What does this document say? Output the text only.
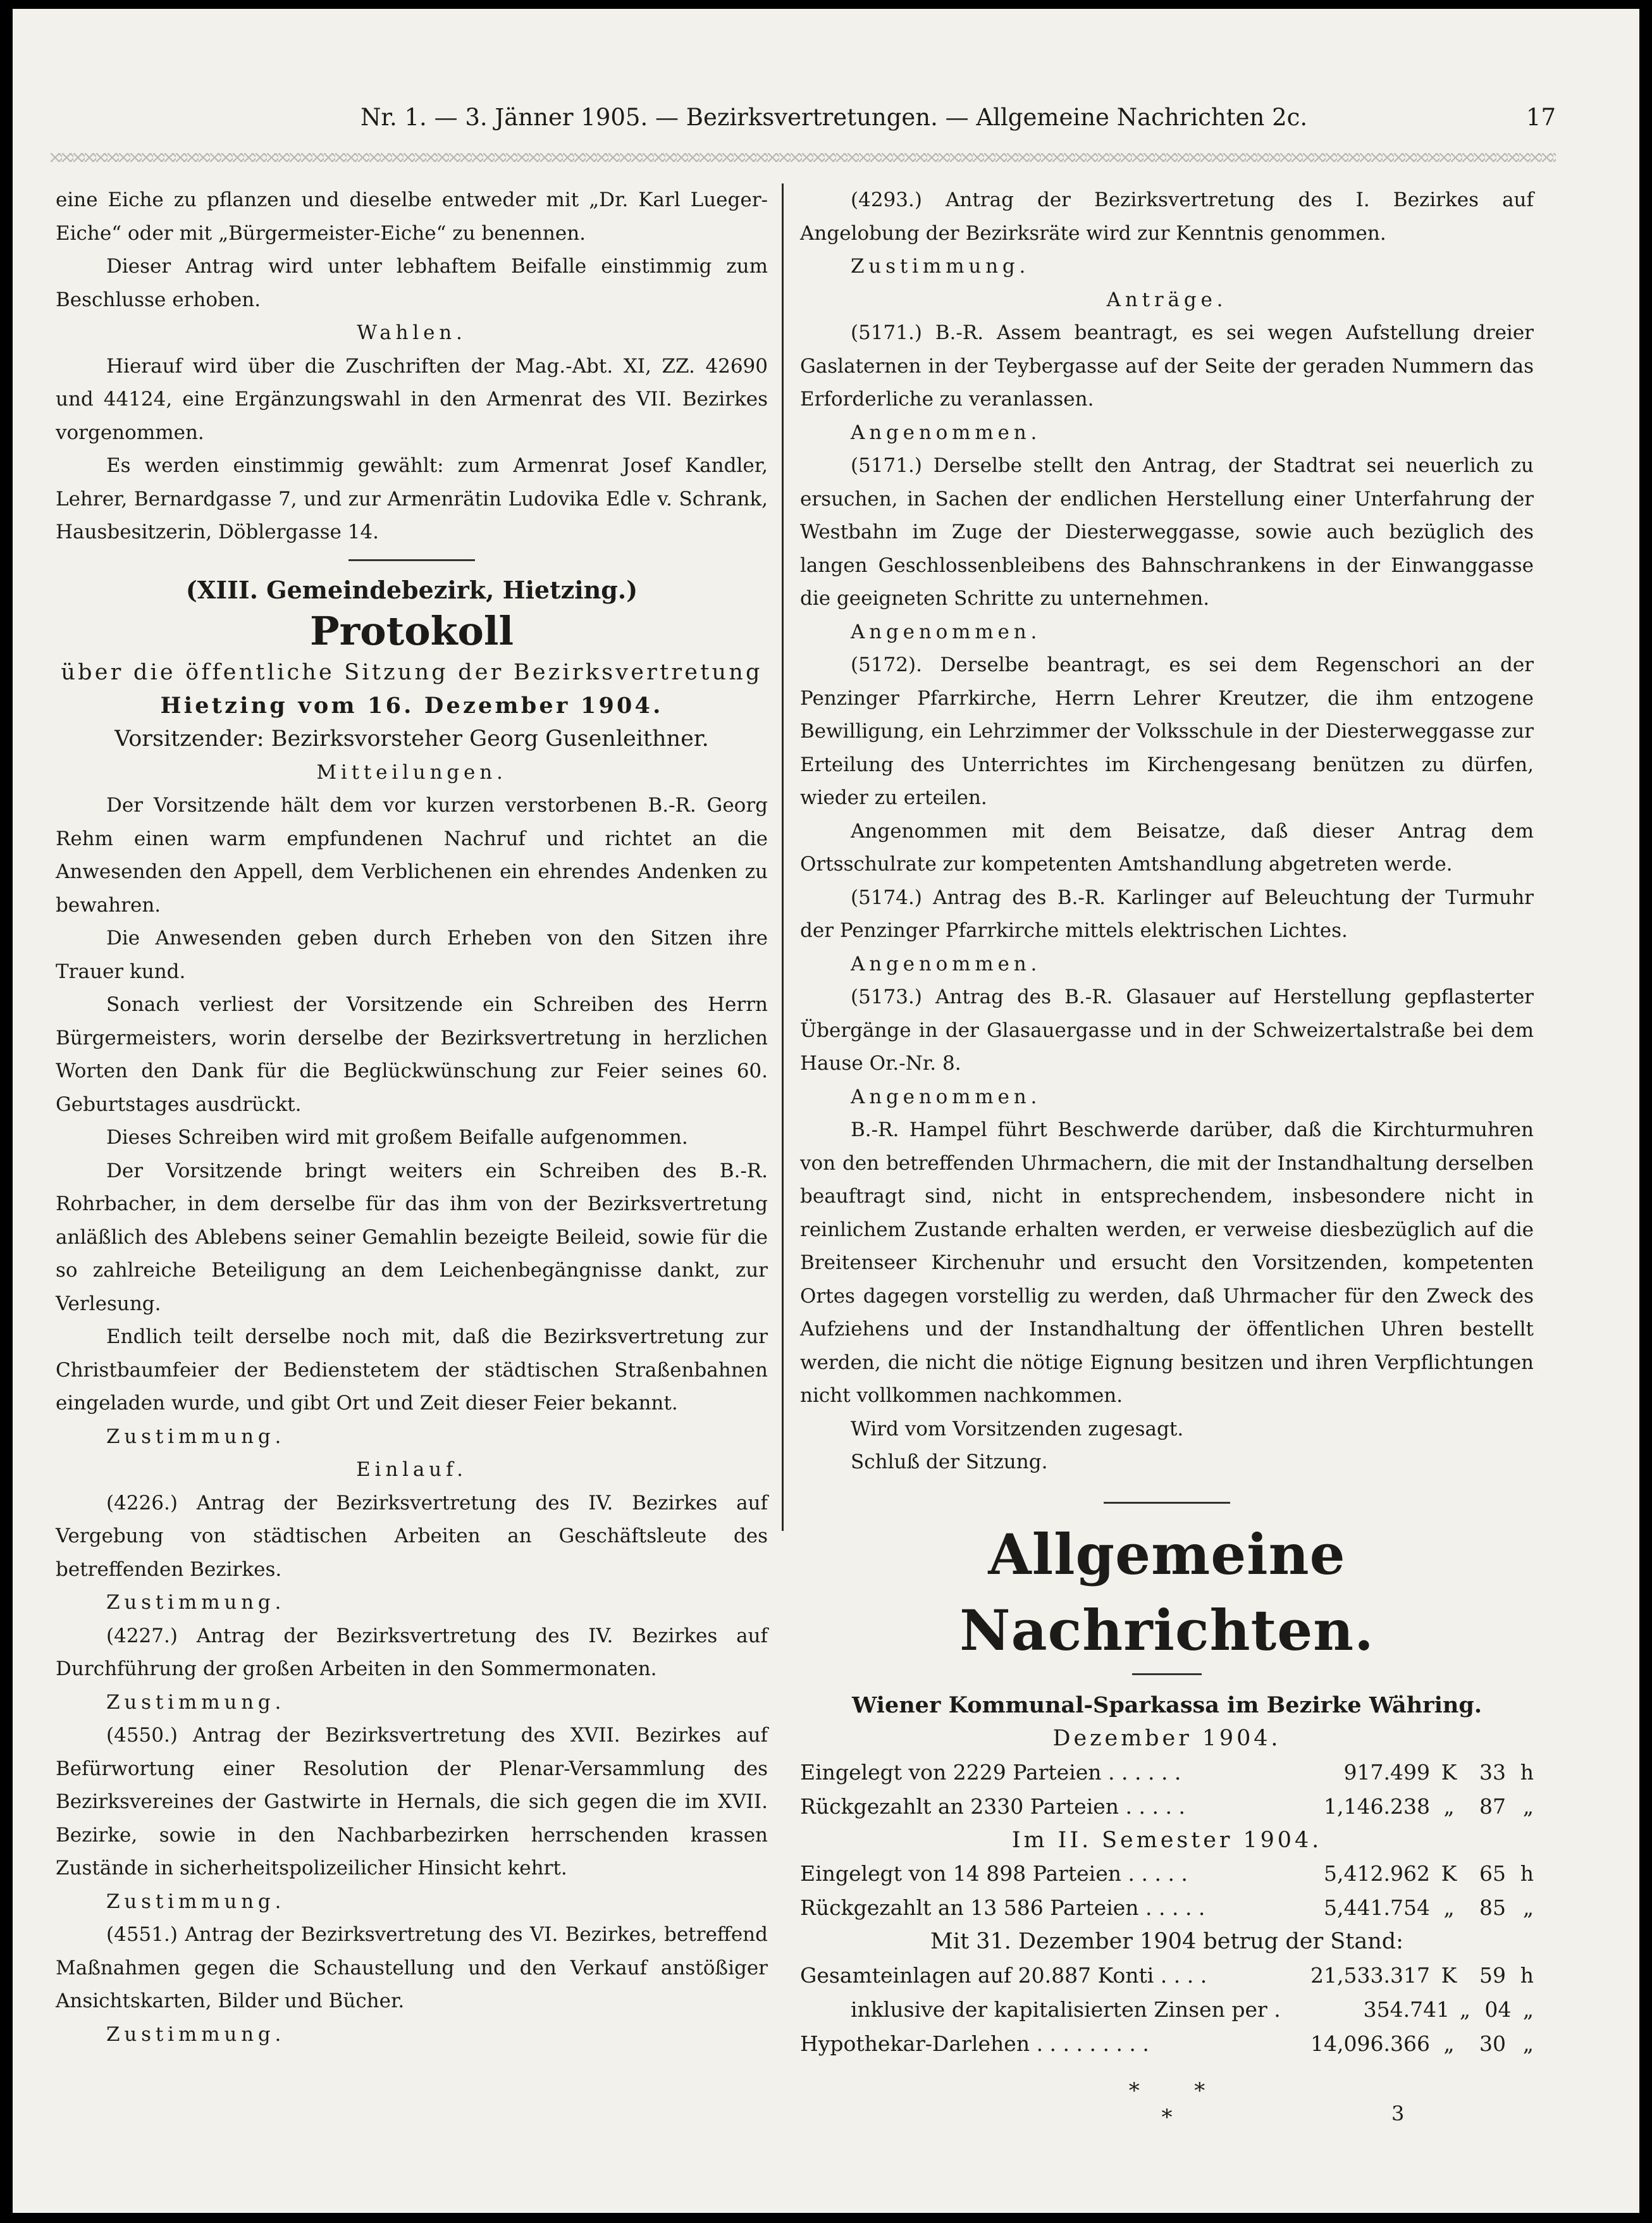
Nr. 1. — 3. Jänner 1905. — Bezirksvertretungen. — Allgemeine Nachrichten 2c.	17

eine Eiche zu pflanzen und dieselbe entweder mit „Dr. Karl Lueger-Eiche“ oder mit „Bürgermeister-Eiche“ zu benennen.

Dieser Antrag wird unter lebhaftem Beifalle einstimmig zum Beschlusse erhoben.

Wahlen.

Hierauf wird über die Zuschriften der Mag.-Abt. XI, ZZ. 42690 und 44124, eine Ergänzungswahl in den Armenrat des VII. Bezirkes vorgenommen.

Es werden einstimmig gewählt: zum Armenrat Josef Kandler, Lehrer, Bernardgasse 7, und zur Armenrätin Ludovika Edle v. Schrank, Hausbesitzerin, Döblergasse 14.

(XIII. Gemeindebezirk, Hietzing.)
Protokoll

über die öffentliche Sitzung der Bezirksvertretung

Hietzing vom 16. Dezember 1904.

Vorsitzender: Bezirksvorsteher Georg Gusenleithner.

Mitteilungen.

Der Vorsitzende hält dem vor kurzen verstorbenen B.-R. Georg Rehm einen warm empfundenen Nachruf und richtet an die Anwesenden den Appell, dem Verblichenen ein ehrendes Andenken zu bewahren.

Die Anwesenden geben durch Erheben von den Sitzen ihre Trauer kund.

Sonach verliest der Vorsitzende ein Schreiben des Herrn Bürgermeisters, worin derselbe der Bezirksvertretung in herzlichen Worten den Dank für die Beglückwünschung zur Feier seines 60. Geburtstages ausdrückt.

Dieses Schreiben wird mit großem Beifalle aufgenommen.

Der Vorsitzende bringt weiters ein Schreiben des B.-R. Rohrbacher, in dem derselbe für das ihm von der Bezirksvertretung anläßlich des Ablebens seiner Gemahlin bezeigte Beileid, sowie für die so zahlreiche Beteiligung an dem Leichenbegängnisse dankt, zur Verlesung.

Endlich teilt derselbe noch mit, daß die Bezirksvertretung zur Christbaumfeier der Bedienstetem der städtischen Straßenbahnen eingeladen wurde, und gibt Ort und Zeit dieser Feier bekannt.

Zustimmung.

Einlauf.

(4226.) Antrag der Bezirksvertretung des IV. Bezirkes auf Vergebung von städtischen Arbeiten an Geschäftsleute des betreffenden Bezirkes.

Zustimmung.

(4227.) Antrag der Bezirksvertretung des IV. Bezirkes auf Durchführung der großen Arbeiten in den Sommermonaten.

Zustimmung.

(4550.) Antrag der Bezirksvertretung des XVII. Bezirkes auf Befürwortung einer Resolution der Plenar-Versammlung des Bezirksvereines der Gastwirte in Hernals, die sich gegen die im XVII. Bezirke, sowie in den Nachbarbezirken herrschenden krassen Zustände in sicherheitspolizeilicher Hinsicht kehrt.

Zustimmung.

(4551.) Antrag der Bezirksvertretung des VI. Bezirkes, betreffend Maßnahmen gegen die Schaustellung und den Verkauf anstößiger Ansichtskarten, Bilder und Bücher.

Zustimmung.

(4293.) Antrag der Bezirksvertretung des I. Bezirkes auf Angelobung der Bezirksräte wird zur Kenntnis genommen.

Zustimmung.

Anträge.

(5171.) B.-R. Assem beantragt, es sei wegen Aufstellung dreier Gaslaternen in der Teybergasse auf der Seite der geraden Nummern das Erforderliche zu veranlassen.

Angenommen.

(5171.) Derselbe stellt den Antrag, der Stadtrat sei neuerlich zu ersuchen, in Sachen der endlichen Herstellung einer Unterfahrung der Westbahn im Zuge der Diesterweggasse, sowie auch bezüglich des langen Geschlossenbleibens des Bahnschrankens in der Einwanggasse die geeigneten Schritte zu unternehmen.

Angenommen.

(5172). Derselbe beantragt, es sei dem Regenschori an der Penzinger Pfarrkirche, Herrn Lehrer Kreutzer, die ihm entzogene Bewilligung, ein Lehrzimmer der Volksschule in der Diesterweggasse zur Erteilung des Unterrichtes im Kirchengesang benützen zu dürfen, wieder zu erteilen.

Angenommen mit dem Beisatze, daß dieser Antrag dem Ortsschulrate zur kompetenten Amtshandlung abgetreten werde.

(5174.) Antrag des B.-R. Karlinger auf Beleuchtung der Turmuhr der Penzinger Pfarrkirche mittels elektrischen Lichtes.

Angenommen.

(5173.) Antrag des B.-R. Glasauer auf Herstellung gepflasterter Übergänge in der Glasauergasse und in der Schweizertalstraße bei dem Hause Or.-Nr. 8.

Angenommen.

B.-R. Hampel führt Beschwerde darüber, daß die Kirchturmuhren von den betreffenden Uhrmachern, die mit der Instandhaltung derselben beauftragt sind, nicht in entsprechendem, insbesondere nicht in reinlichem Zustande erhalten werden, er verweise diesbezüglich auf die Breitenseer Kirchenuhr und ersucht den Vorsitzenden, kompetenten Ortes dagegen vorstellig zu werden, daß Uhrmacher für den Zweck des Aufziehens und der Instandhaltung der öffentlichen Uhren bestellt werden, die nicht die nötige Eignung besitzen und ihren Verpflichtungen nicht vollkommen nachkommen.

Wird vom Vorsitzenden zugesagt.

Schluß der Sitzung.

Allgemeine Nachrichten.

Wiener Kommunal-Sparkassa im Bezirke Währing.

Dezember 1904.

Eingelegt von 2229 Parteien . . . . . .	917.499 K	33 h
Rückgezahlt an 2330 Parteien . . . . .	1,146.238 „	87 „

Im II. Semester 1904.

Eingelegt von 14 898 Parteien . . . . .	5,412.962 K	65 h
Rückgezahlt an 13 586 Parteien . . . . .	5,441.754 „	85 „

Mit 31. Dezember 1904 betrug der Stand:

Gesamteinlagen auf 20.887 Konti . . . .	21,533.317 K	59 h
inklusive der kapitalisierten Zinsen per .	354.741 „ 04 „
Hypothekar-Darlehen . . . . . . . . .	14,096.366 „	30 „
*        *
*	3
